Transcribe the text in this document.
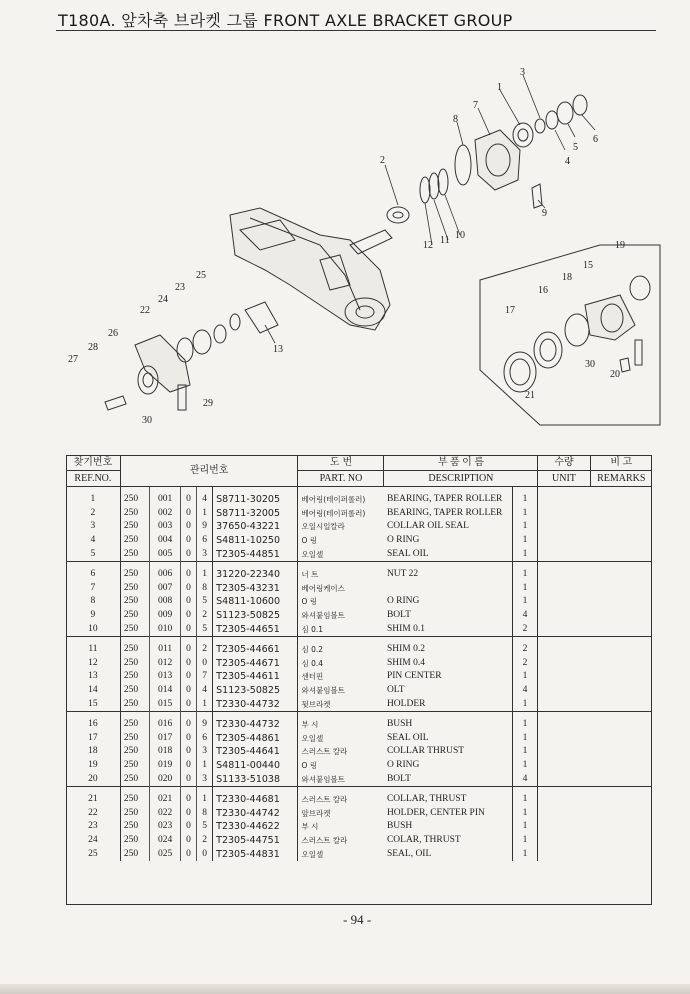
T180A. 앞차축 브라켓 그룹 FRONT AXLE BRACKET GROUP
1
2
3
4
5
6
7
8
9
10
11
12
13
15
16
17
18
19
20
21
22
23
24
25
26
27
28
29
30
30
찾기번호	관리번호					도 번	부 품 이 름		수량	비 고
REF.NO.						PART. NO	DESCRIPTION		UNIT	REMARKS
1	250	001	0	4	S8711-30205	베어링(테이퍼롤러)	BEARING, TAPER ROLLER	1		
2	250	002	0	1	S8711-32005	베어링(테이퍼롤러)	BEARING, TAPER ROLLER	1		
3	250	003	0	9	37650-43221	오일시일칼라	COLLAR OIL SEAL	1		
4	250	004	0	6	S4811-10250	O 링	O RING	1		
5	250	005	0	3	T2305-44851	오일셀	SEAL OIL	1		
6	250	006	0	1	31220-22340	너 트	NUT 22	1		
7	250	007	0	8	T2305-43231	베어링케이스		1		
8	250	008	0	5	S4811-10600	O 링	O RING	1		
9	250	009	0	2	S1123-50825	와셔붙임볼트	BOLT	4		
10	250	010	0	5	T2305-44651	심 0.1	SHIM 0.1	2		
11	250	011	0	2	T2305-44661	심 0.2	SHIM 0.2	2		
12	250	012	0	0	T2305-44671	심 0.4	SHIM 0.4	2		
13	250	013	0	7	T2305-44611	센터핀	PIN CENTER	1		
14	250	014	0	4	S1123-50825	와셔붙임볼트	OLT	4		
15	250	015	0	1	T2330-44732	뒷브라켓	HOLDER	1		
16	250	016	0	9	T2330-44732	부 시	BUSH	1		
17	250	017	0	6	T2305-44861	오일셀	SEAL OIL	1		
18	250	018	0	3	T2305-44641	스러스트 칼라	COLLAR THRUST	1		
19	250	019	0	1	S4811-00440	O 링	O RING	1		
20	250	020	0	3	S1133-51038	와셔붙임볼트	BOLT	4		
21	250	021	0	1	T2330-44681	스러스트 칼라	COLLAR, THRUST	1		
22	250	022	0	8	T2330-44742	앞브라켓	HOLDER, CENTER PIN	1		
23	250	023	0	5	T2330-44622	부 시	BUSH	1		
24	250	024	0	2	T2305-44751	스러스트 칼라	COLAR, THRUST	1		
25	250	025	0	0	T2305-44831	오일셀	SEAL, OIL	1		
- 94 -
